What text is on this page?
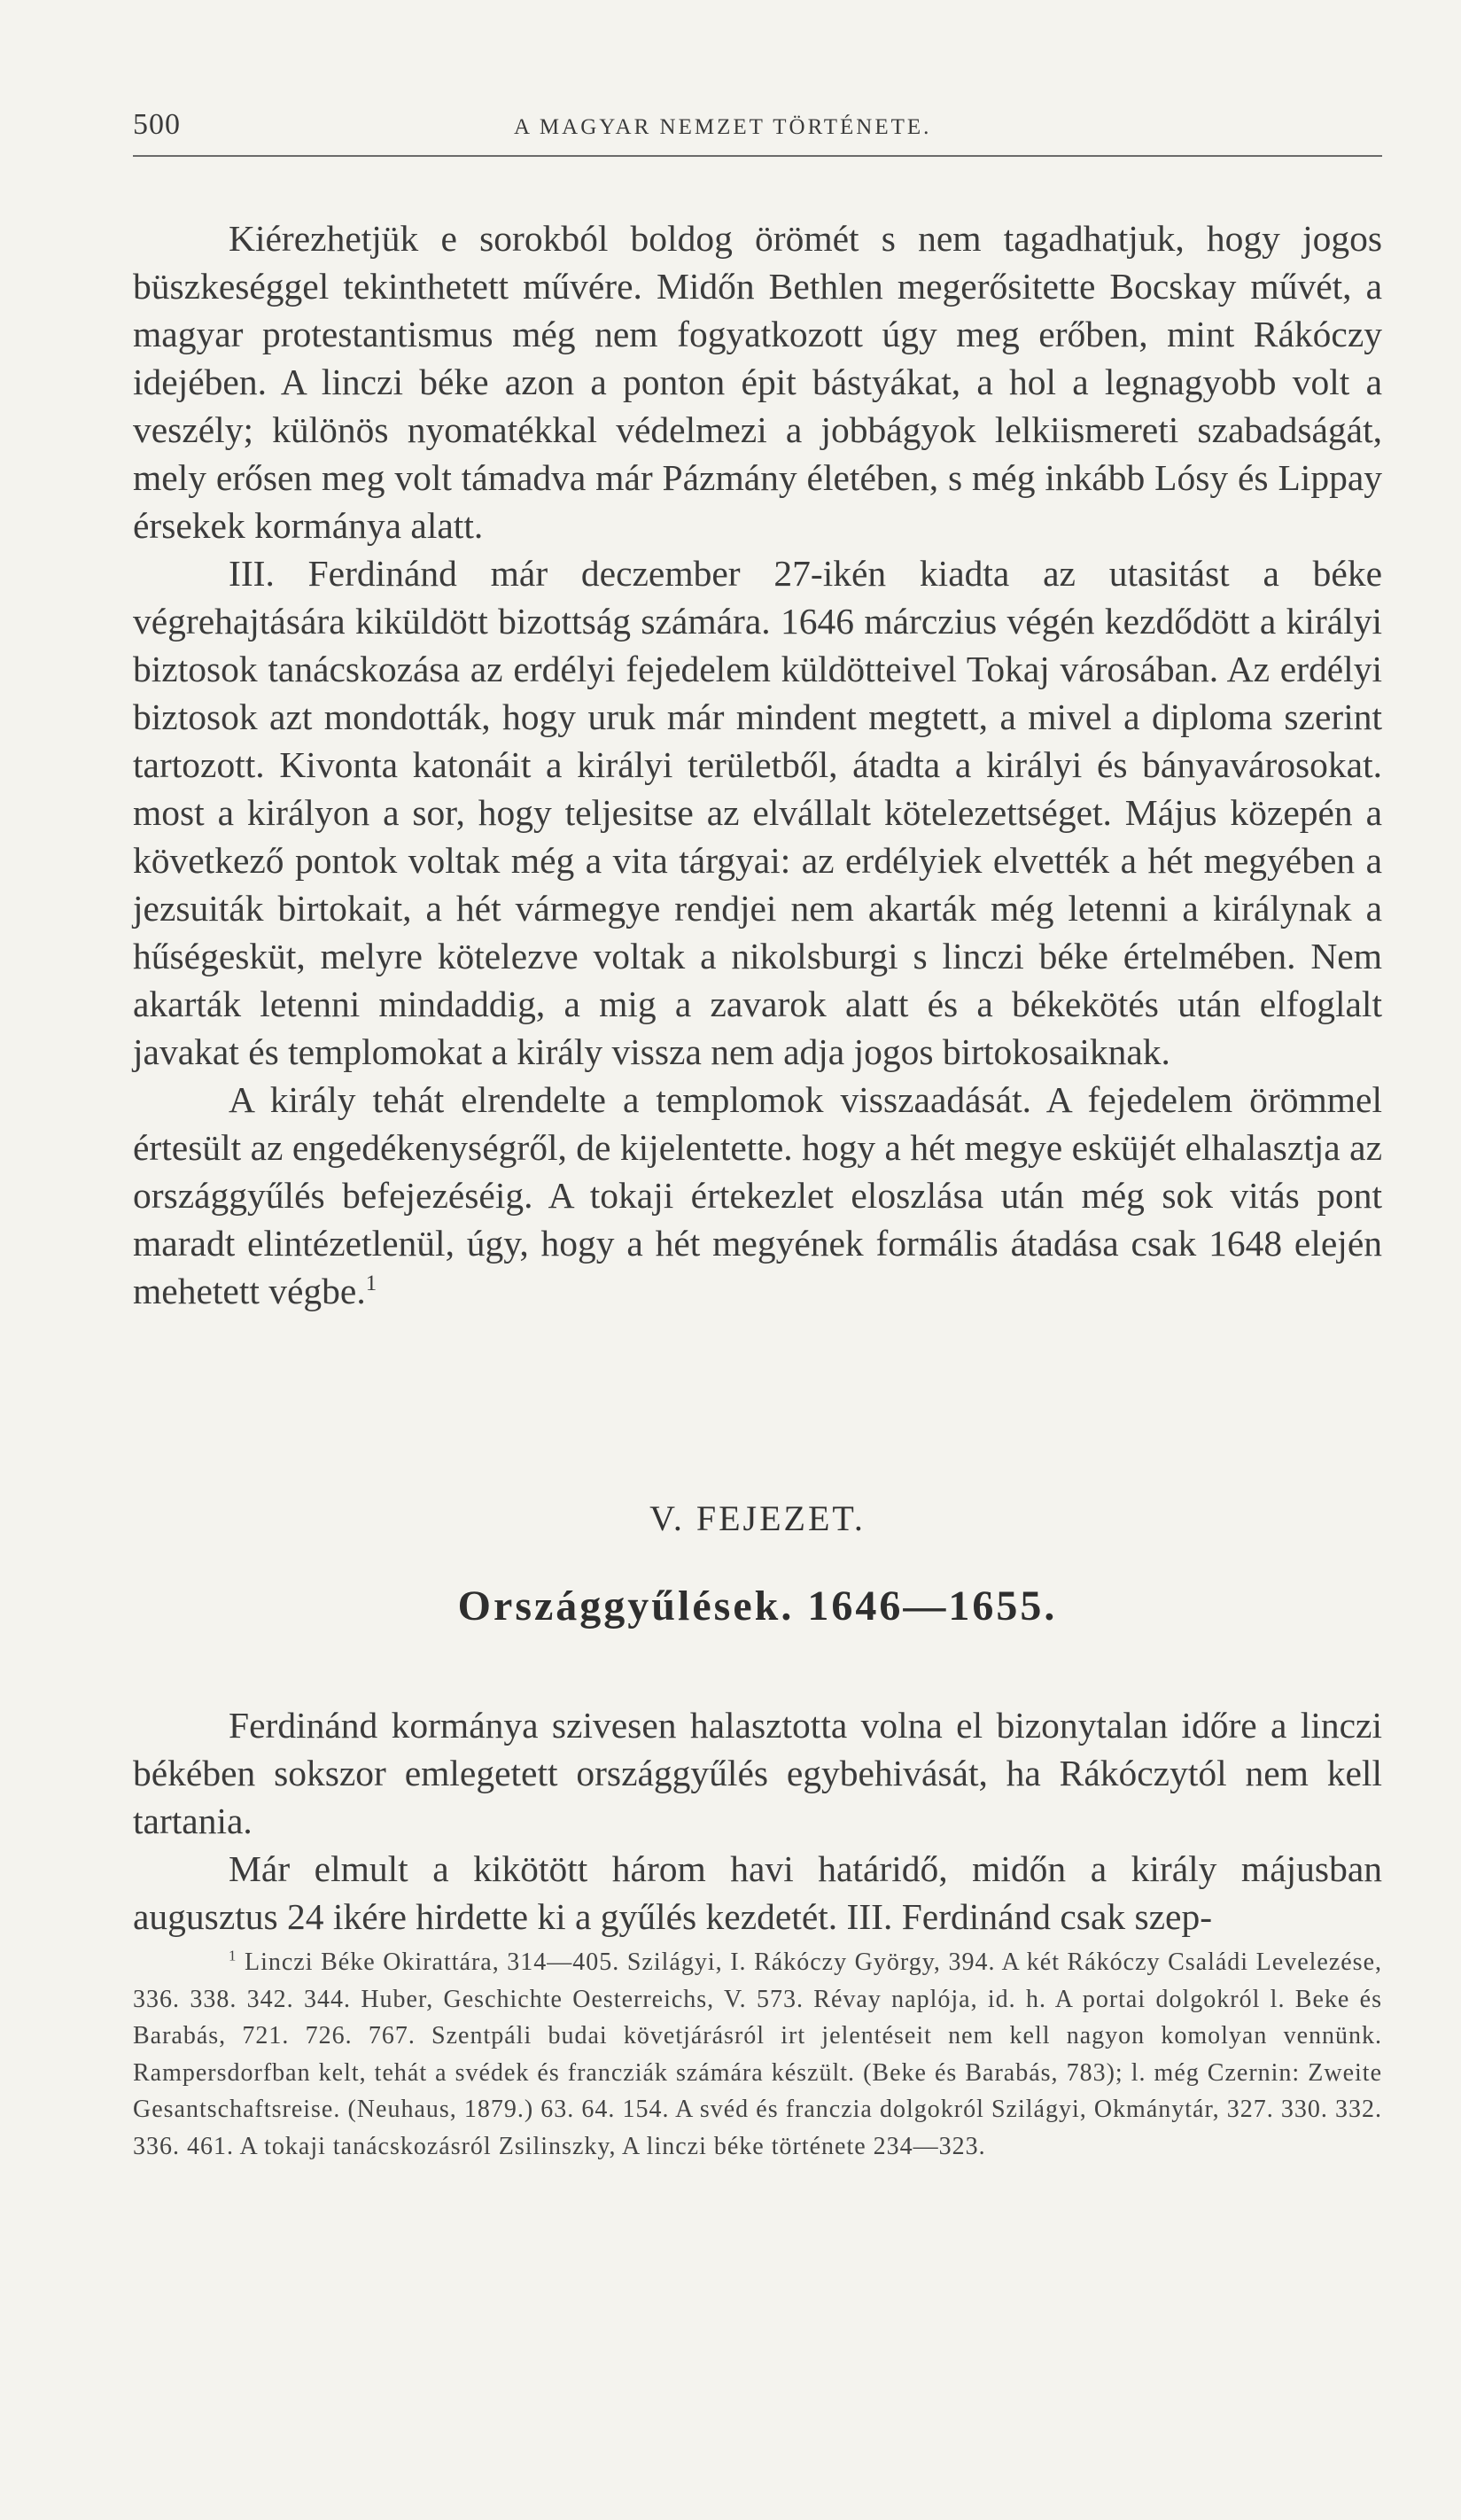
500	A MAGYAR NEMZET TÖRTÉNETE.

Kiérezhetjük e sorokból boldog örömét s nem tagadhatjuk, hogy jogos büszkeséggel tekinthetett művére. Midőn Bethlen megerősitette Bocskay művét, a magyar protestantismus még nem fogyatkozott úgy meg erőben, mint Rákóczy idejében. A linczi béke azon a ponton épit bástyákat, a hol a legnagyobb volt a veszély; különös nyomatékkal védelmezi a jobbágyok lelkiismereti szabadságát, mely erősen meg volt támadva már Pázmány életében, s még inkább Lósy és Lippay érsekek kormánya alatt.

III. Ferdinánd már deczember 27-ikén kiadta az utasitást a béke végrehajtására kiküldött bizottság számára. 1646 márczius végén kezdődött a királyi biztosok tanácskozása az erdélyi fejedelem küldötteivel Tokaj városában. Az erdélyi biztosok azt mondották, hogy uruk már mindent megtett, a mivel a diploma szerint tartozott. Kivonta katonáit a királyi területből, átadta a királyi és bányavárosokat. most a királyon a sor, hogy teljesitse az elvállalt kötelezettséget. Május közepén a következő pontok voltak még a vita tárgyai: az erdélyiek elvették a hét megyében a jezsuiták birtokait, a hét vármegye rendjei nem akarták még letenni a királynak a hűségesküt, melyre kötelezve voltak a nikolsburgi s linczi béke értelmében. Nem akarták letenni mindaddig, a mig a zavarok alatt és a békekötés után elfoglalt javakat és templomokat a király vissza nem adja jogos birtokosaiknak.

A király tehát elrendelte a templomok visszaadását. A fejedelem örömmel értesült az engedékenységről, de kijelentette. hogy a hét megye esküjét elhalasztja az országgyűlés befejezéséig. A tokaji értekezlet eloszlása után még sok vitás pont maradt elintézetlenül, úgy, hogy a hét megyének formális átadása csak 1648 elején mehetett végbe.$^1$

V. FEJEZET.
Országgyűlések. 1646—1655.

Ferdinánd kormánya szivesen halasztotta volna el bizonytalan időre a linczi békében sokszor emlegetett országgyűlés egybehivását, ha Rákóczytól nem kell tartania.

Már elmult a kikötött három havi határidő, midőn a király májusban augusztus 24 ikére hirdette ki a gyűlés kezdetét. III. Ferdinánd csak szep-

$^1$ Linczi Béke Okirattára, 314—405. Szilágyi, I. Rákóczy György, 394. A két Rákóczy Családi Levelezése, 336. 338. 342. 344. Huber, Geschichte Oesterreichs, V. 573. Révay naplója, id. h. A portai dolgokról l. Beke és Barabás, 721. 726. 767. Szentpáli budai követjárásról irt jelentéseit nem kell nagyon komolyan vennünk. Rampersdorfban kelt, tehát a svédek és francziák számára készült. (Beke és Barabás, 783); l. még Czernin: Zweite Gesantschaftsreise. (Neuhaus, 1879.) 63. 64. 154. A svéd és franczia dolgokról Szilágyi, Okmánytár, 327. 330. 332. 336. 461. A tokaji tanácskozásról Zsilinszky, A linczi béke története 234—323.
